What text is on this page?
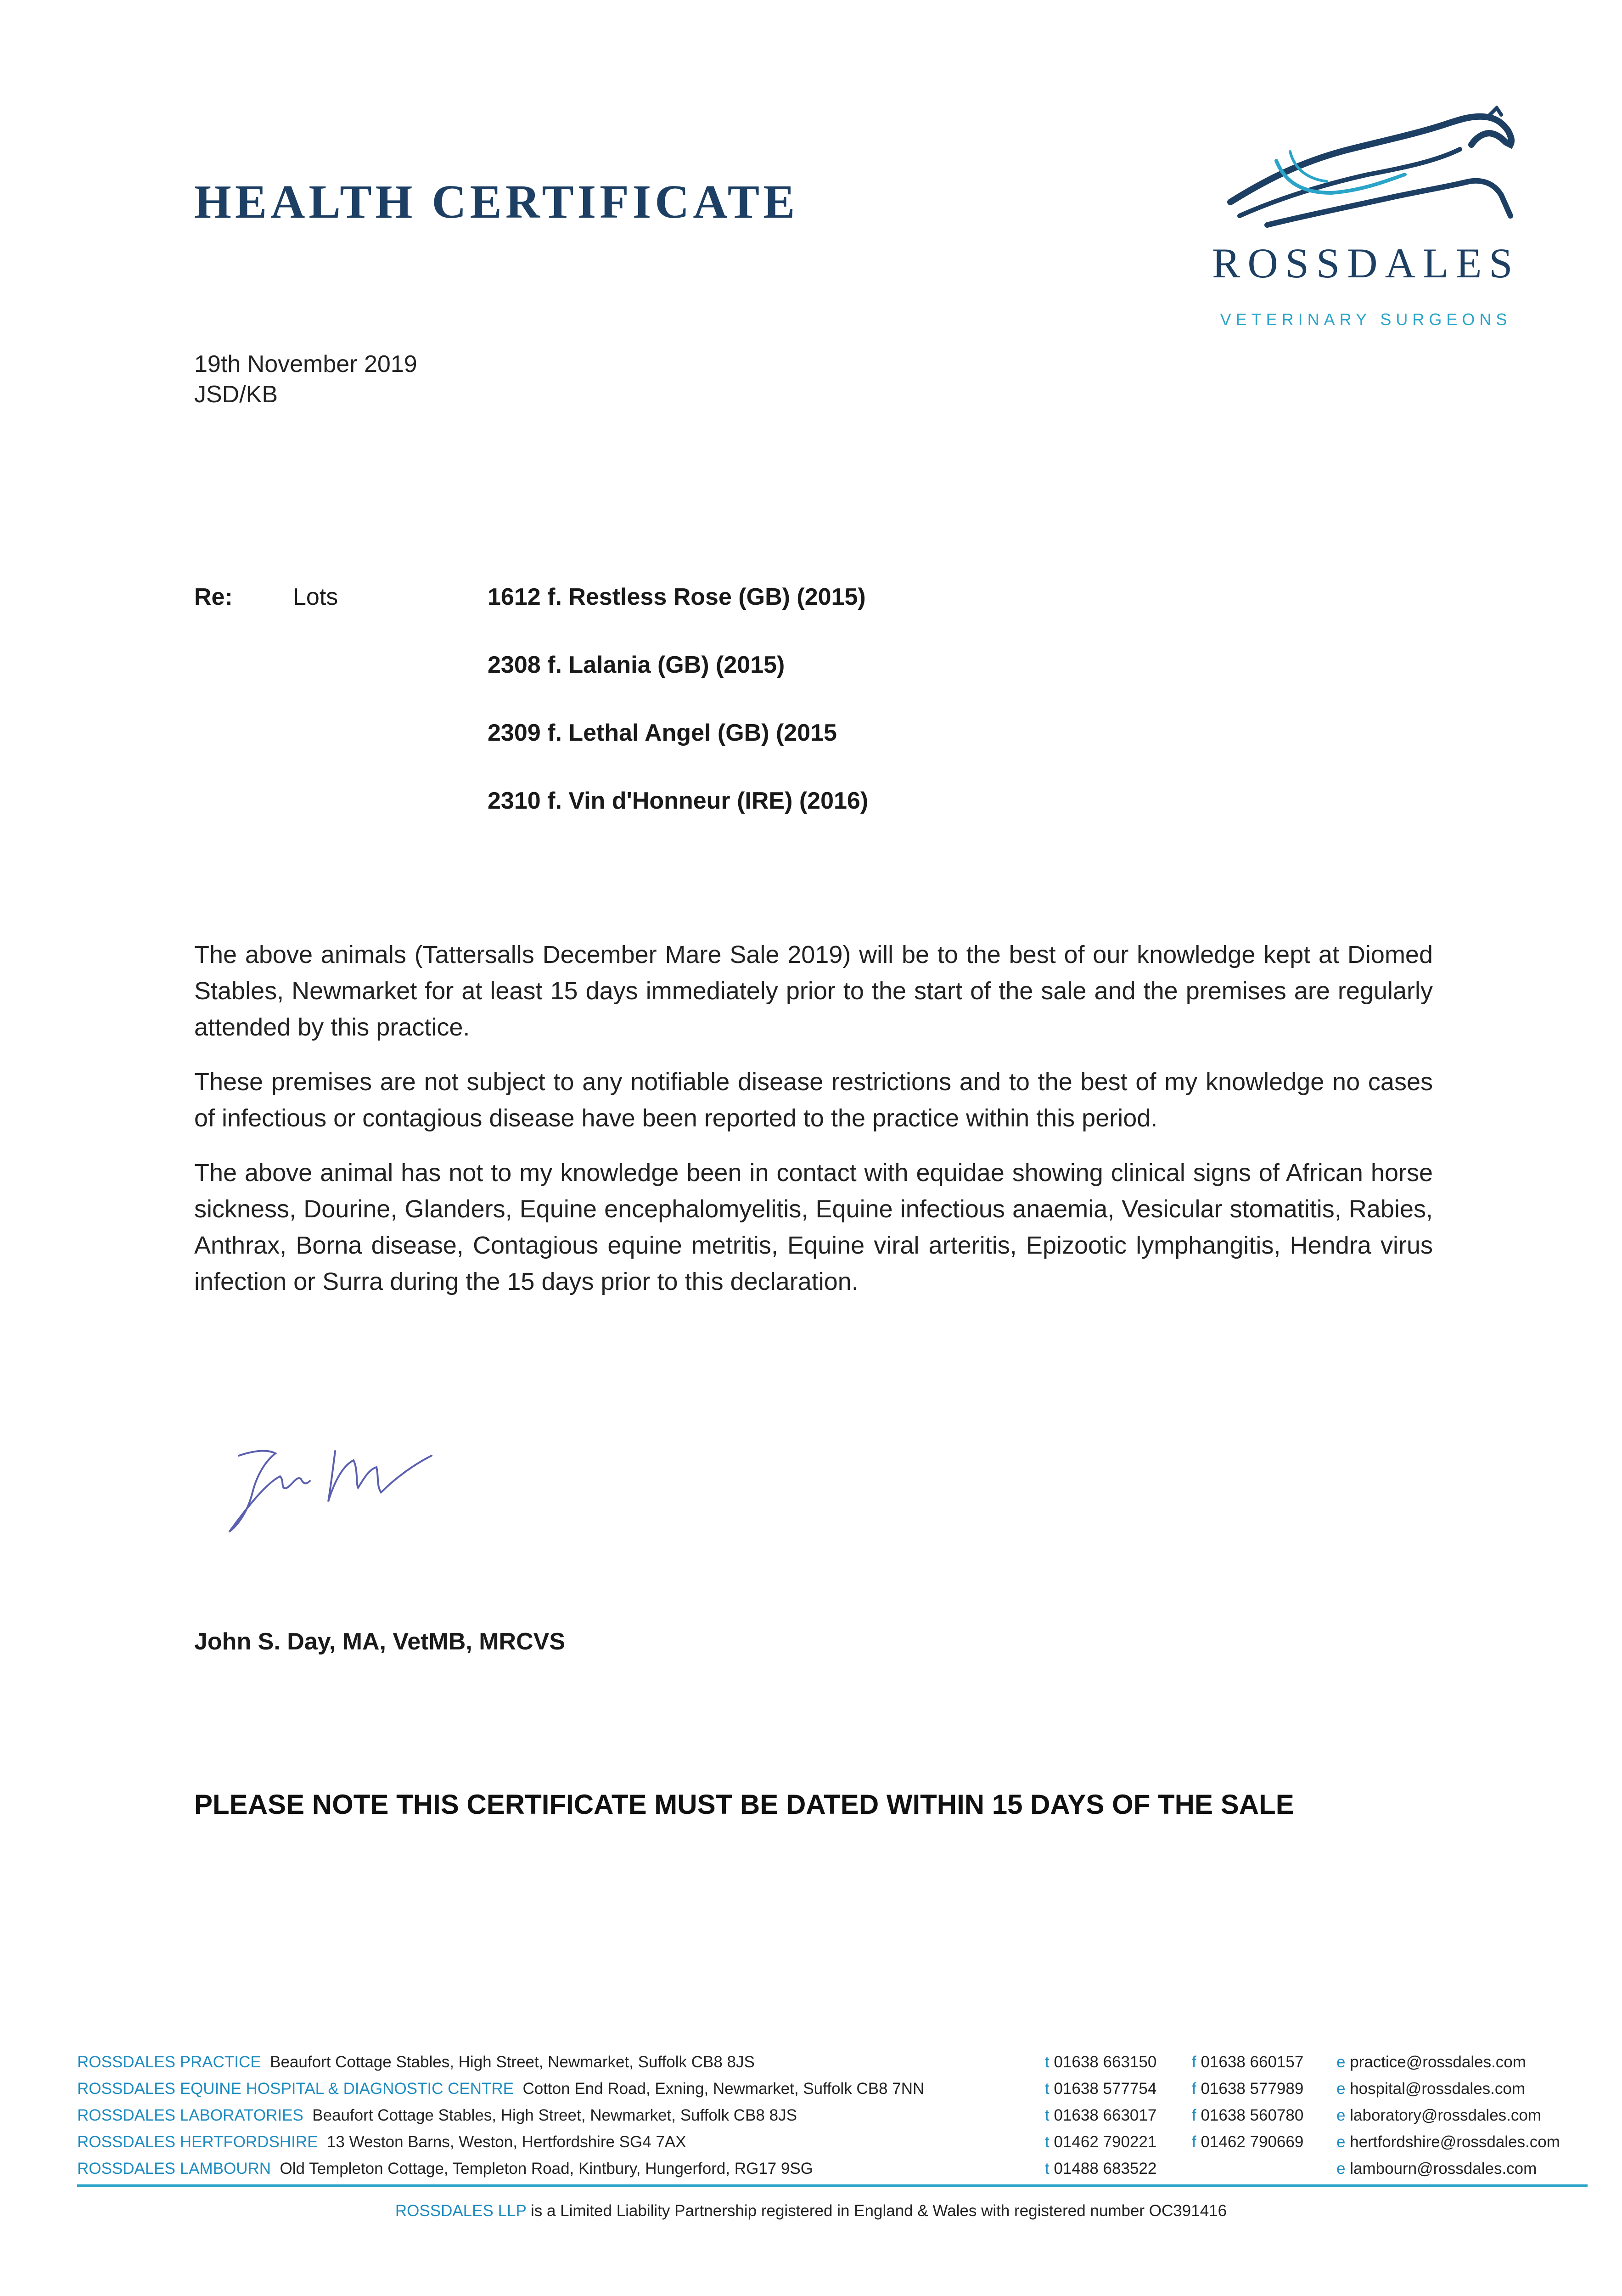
HEALTH CERTIFICATE
ROSSDALES
VETERINARY SURGEONS
19th November 2019
JSD/KB
Re:	Lots	1612 f. Restless Rose (GB) (2015)
2308 f. Lalania (GB) (2015)
2309 f. Lethal Angel (GB) (2015
2310 f. Vin d'Honneur (IRE) (2016)
The above animals (Tattersalls December Mare Sale 2019) will be to the best of our knowledge kept at Diomed Stables, Newmarket for at least 15 days immediately prior to the start of the sale and the premises are regularly attended by this practice.
These premises are not subject to any notifiable disease restrictions and to the best of my knowledge no cases of infectious or contagious disease have been reported to the practice within this period.
The above animal has not to my knowledge been in contact with equidae showing clinical signs of African horse sickness, Dourine, Glanders, Equine encephalomyelitis, Equine infectious anaemia, Vesicular stomatitis, Rabies, Anthrax, Borna disease, Contagious equine metritis, Equine viral arteritis, Epizootic lymphangitis, Hendra virus infection or Surra during the 15 days prior to this declaration.
John S. Day, MA, VetMB, MRCVS
PLEASE NOTE THIS CERTIFICATE MUST BE DATED WITHIN 15 DAYS OF THE SALE
ROSSDALES PRACTICE Beaufort Cottage Stables, High Street, Newmarket, Suffolk CB8 8JS	t 01638 663150 f 01638 660157 e practice@rossdales.com
ROSSDALES EQUINE HOSPITAL & DIAGNOSTIC CENTRE Cotton End Road, Exning, Newmarket, Suffolk CB8 7NN	t 01638 577754 f 01638 577989 e hospital@rossdales.com
ROSSDALES LABORATORIES Beaufort Cottage Stables, High Street, Newmarket, Suffolk CB8 8JS	t 01638 663017 f 01638 560780 e laboratory@rossdales.com
ROSSDALES HERTFORDSHIRE 13 Weston Barns, Weston, Hertfordshire SG4 7AX	t 01462 790221 f 01462 790669 e hertfordshire@rossdales.com
ROSSDALES LAMBOURN Old Templeton Cottage, Templeton Road, Kintbury, Hungerford, RG17 9SG	t 01488 683522	e lambourn@rossdales.com
ROSSDALES LLP is a Limited Liability Partnership registered in England & Wales with registered number OC391416
